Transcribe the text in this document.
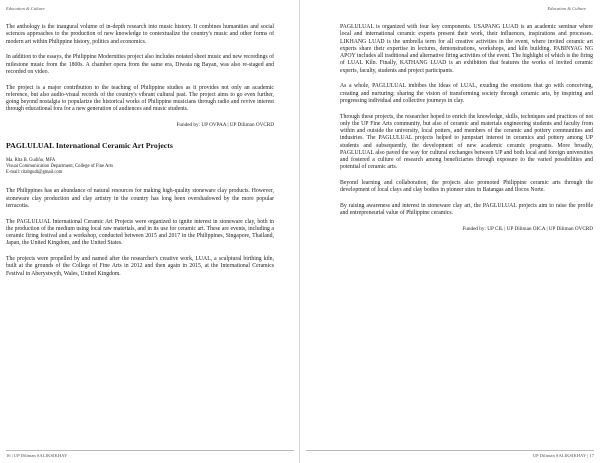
Education & Culture

The anthology is the inaugural volume of in-depth research into music history. It combines humanities and social sciences approaches to the production of new knowledge to contextualize the country's music and other forms of modern art within Philippine history, politics and economics.

In addition to the essays, the Philippine Modernities project also includes notated sheet music and new recordings of milestone music from the 1800s. A chamber opera from the same era, Diwata ng Bayan, was also re-staged and recorded on video.

The project is a major contribution to the teaching of Philippine studies as it provides not only an academic reference, but also audio-visual records of the country's vibrant cultural past. The project aims to go even further, going beyond nostalgia to popularize the historical works of Philippine musicians through radio and revive interest through educational fora for a new generation of audiences and music students.

Funded by: UP OVPAA | UP Diliman OVCRD
PAGLULUAL International Ceramic Art Projects
Ma. Rita B. Gudiño, MFA
Visual Communication Department, College of Fine Arts
E-mail: ritabgudi@gmail.com

The Philippines has an abundance of natural resources for making high-quality stoneware clay products. However, stoneware clay production and clay artistry in the country has long been overshadowed by the more popular terracotta.

The PAGLULUAL International Ceramic Art Projects were organized to ignite interest in stoneware clay, both in the production of the medium using local raw materials, and in its use for ceramic art. These are events, including a ceramic firing festival and a workshop, conducted between 2015 and 2017 in the Philippines, Singapore, Thailand, Japan, the United Kingdom, and the United States.

The projects were propelled by and named after the researcher's creative work, LUAL, a sculptural birthing kiln, built at the grounds of the College of Fine Arts in 2012 and then again in 2015, at the International Ceramics Festival in Aberystwyth, Wales, United Kingdom.

16 | UP Diliman SALIKSIKHAY
Education & Culture

PAGLULUAL is organized with four key components. USAPANG LUAD is an academic seminar where local and international ceramic experts present their work, their influences, inspirations and processes. LIKHANG LUAD is the umbrella term for all creative activities in the event, where invited ceramic art experts share their expertise in lectures, demonstrations, workshops, and kiln building. PABINYAG NG APOY includes all traditional and alternative firing activities of the event. The highlight of which is the firing of LUAL Kiln. Finally, KATHANG LUAD is an exhibition that features the works of invited ceramic experts, faculty, students and project participants.

As a whole, PAGLULUAL imbibes the ideas of LUAL, exuding the emotions that go with conceiving, creating and nurturing; sharing the vision of transforming society through ceramic arts, by inspiring and progressing individual and collective journeys in clay.

Through these projects, the researcher hoped to enrich the knowledge, skills, techniques and practices of not only the UP Fine Arts community, but also of ceramic and materials engineering students and faculty from within and outside the university, local potters, and members of the ceramic and pottery communities and industries. The PAGLULUAL projects helped to jumpstart interest in ceramics and pottery among UP students and subsequently, the development of new academic ceramic programs. More broadly, PAGLULUAL also paved the way for cultural exchanges between UP and both local and foreign universities and fostered a culture of research among beneficiaries through exposure to the varied possibilities and potential of ceramic arts.

Beyond learning and collaboration, the projects also promoted Philippine ceramic arts through the development of local clays and clay bodies in pioneer sites in Batangas and Ilocos Norte.

By raising awareness and interest in stoneware clay art, the PAGLULUAL projects aim to raise the profile and entrepreneurial value of Philippine ceramics.

Funded by: UP CIL | UP Diliman OICA | UP Diliman OVCRD
UP Diliman SALIKSIKHAY | 17
